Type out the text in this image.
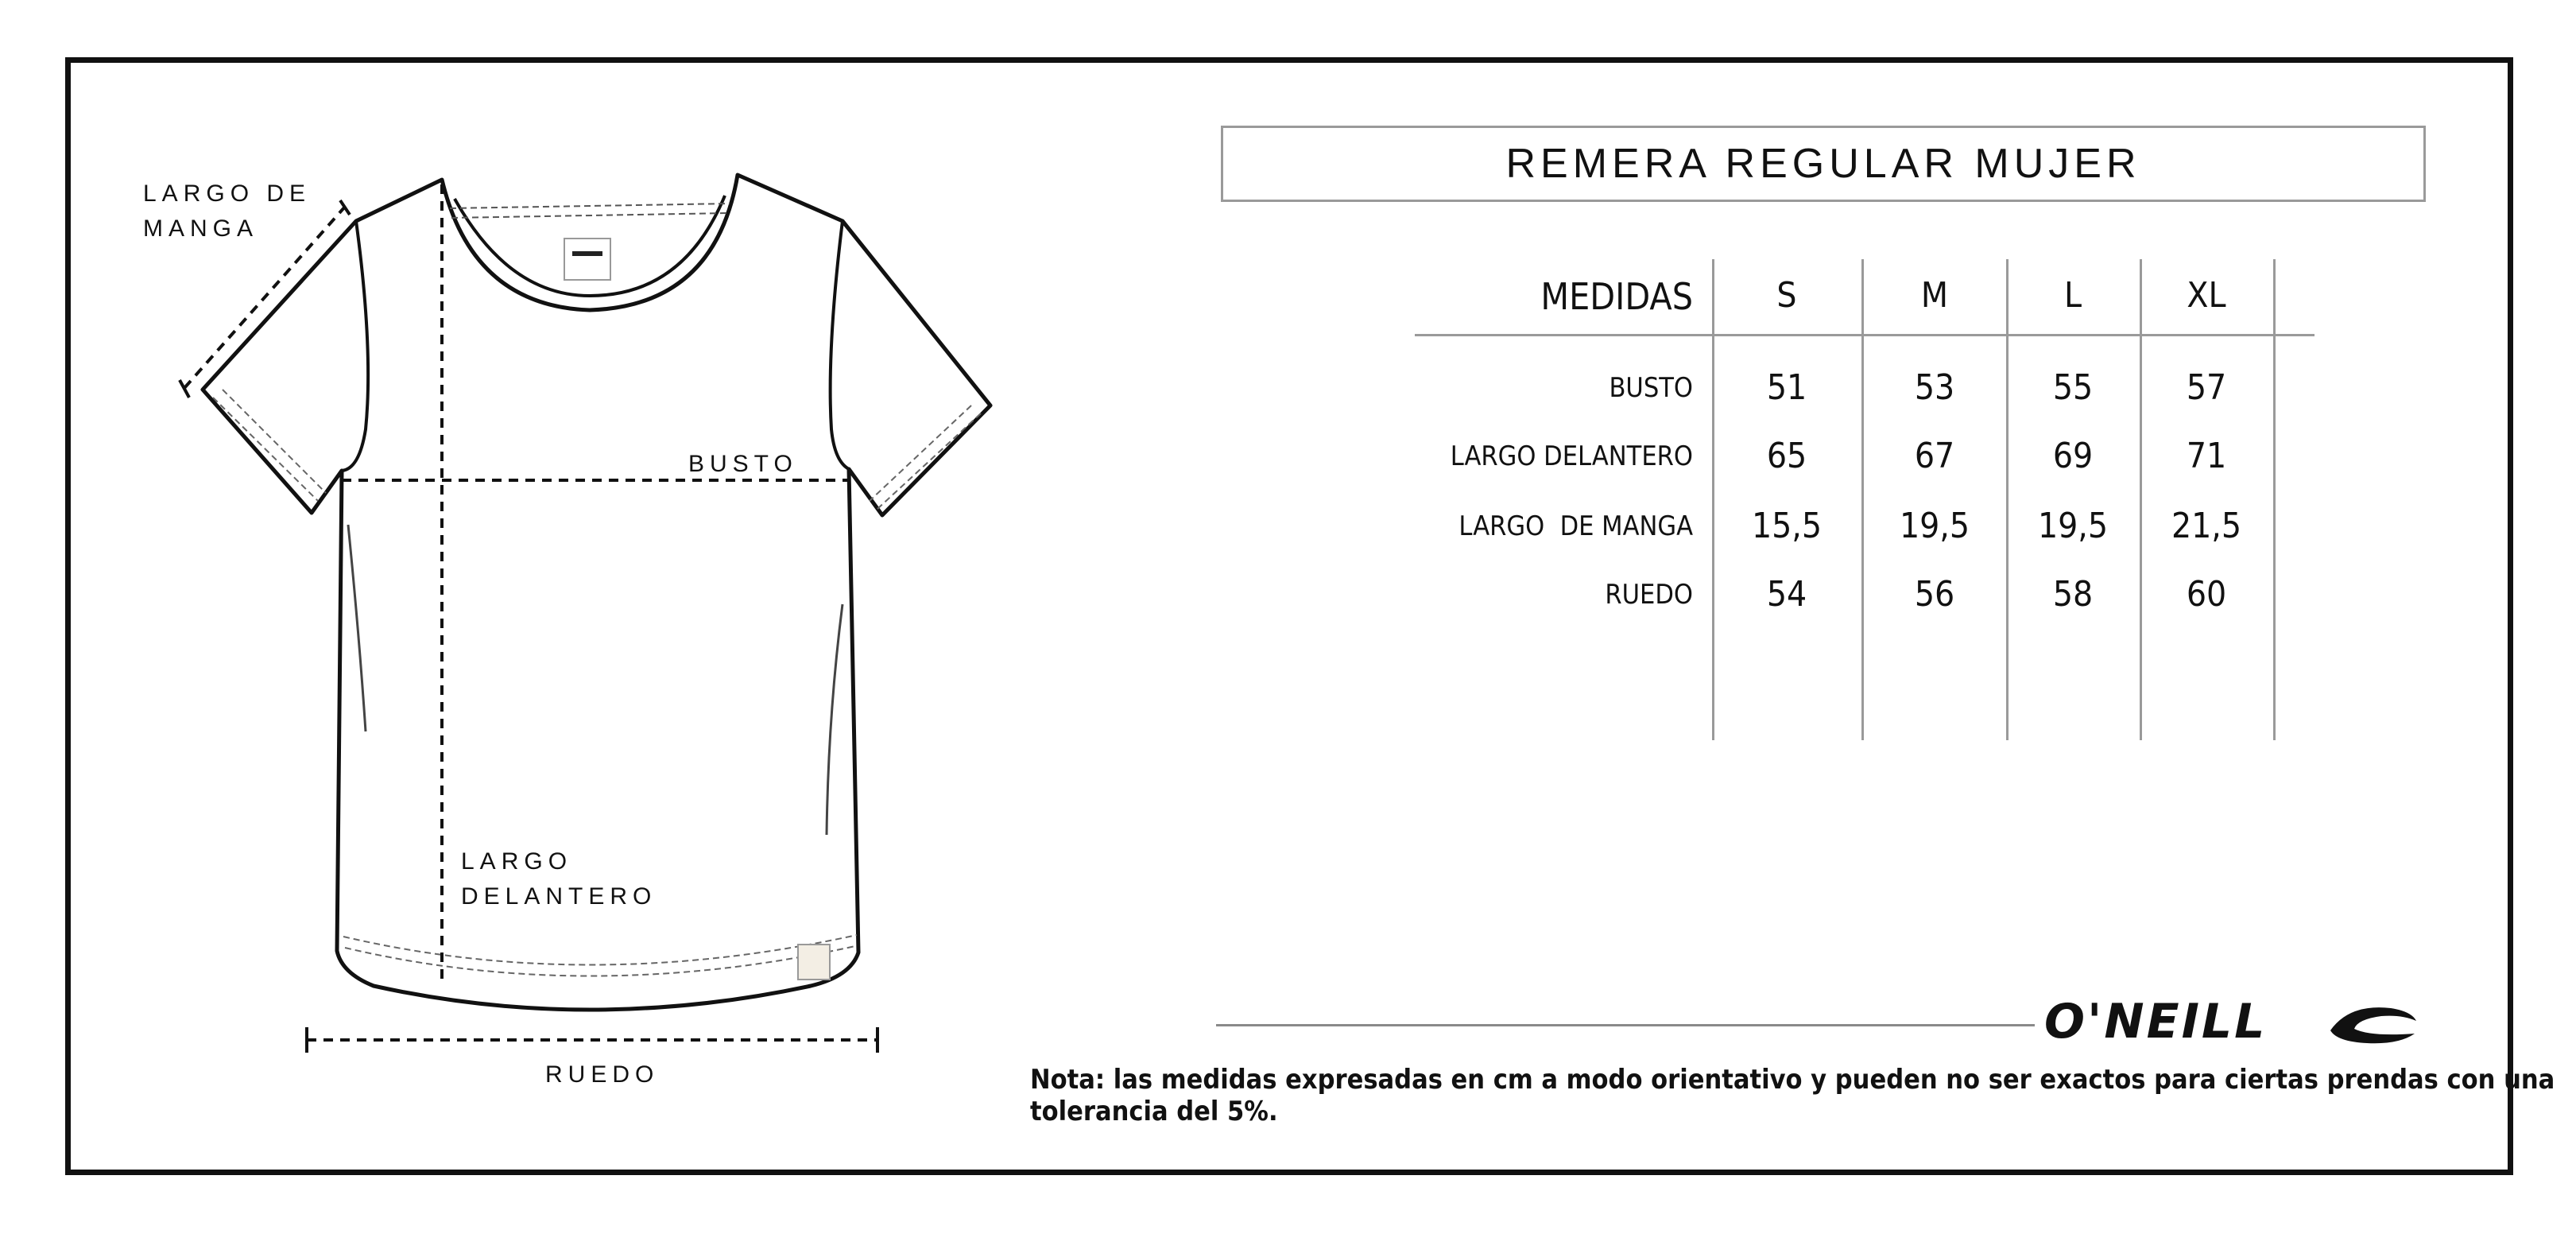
LARGO DE
MANGA
BUSTO
LARGO
DELANTERO
RUEDO
REMERA REGULAR MUJER
MEDIDAS	S	M	L	XL
BUSTO	51	53	55	57
LARGO DELANTERO	65	67	69	71
LARGO  DE MANGA	15,5	19,5	19,5	21,5
RUEDO	54	56	58	60
O'NEILL
Nota: las medidas expresadas en cm a modo orientativo y pueden no ser exactos para ciertas prendas con una tolerancia del 5%.
